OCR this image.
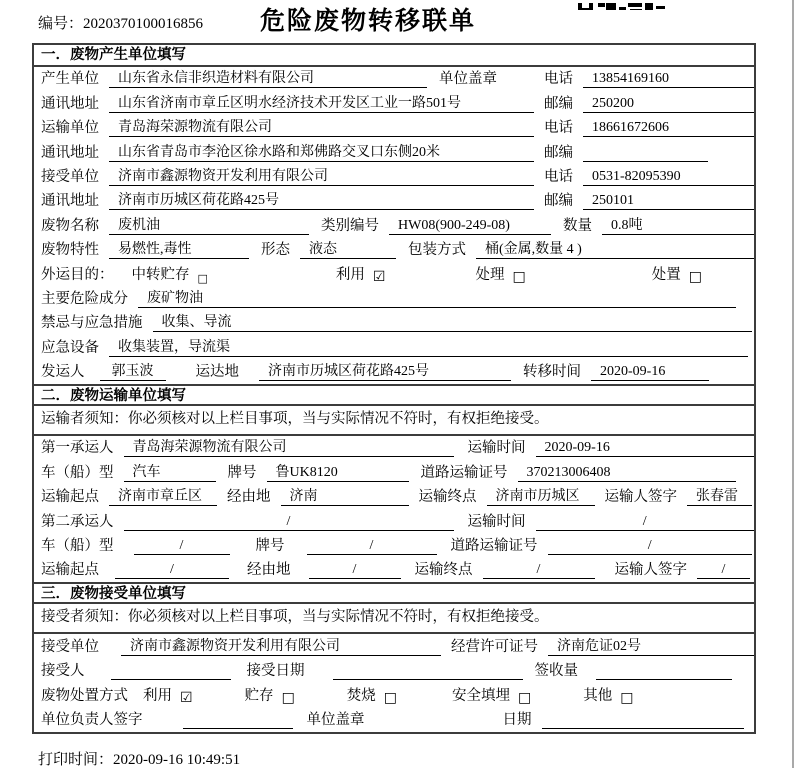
编号：2020370100016856	危险废物转移联单
一．废物产生单位填写
产生单位	山东省永信非织造材料有限公司	单位盖章	电话	13854169160
通讯地址	山东省济南市章丘区明水经济技术开发区工业一路501号	邮编	250200
运输单位	青岛海荣源物流有限公司	电话	18661672606
通讯地址	山东省青岛市李沧区徐水路和郑佛路交叉口东侧20米	邮编
接受单位	济南市鑫源物资开发利用有限公司	电话	0531-82095390
通讯地址	济南市历城区荷花路425号	邮编	250101
废物名称	废机油	类别编号	HW08(900-249-08)	数量	0.8吨
废物特性	易燃性,毒性	形态	液态	包装方式	桶(金属,数量 4 )
外运目的： 中转贮存 □	利用 ☑	处理 □	处置 □
主要危险成分	废矿物油
禁忌与应急措施	收集、导流
应急设备	收集装置，导流渠
发运人	郭玉波	运达地	济南市历城区荷花路425号	转移时间	2020-09-16
二．废物运输单位填写
运输者须知：你必须核对以上栏目事项，当与实际情况不符时，有权拒绝接受。
第一承运人	青岛海荣源物流有限公司	运输时间	2020-09-16
车（船）型	汽车	牌号	鲁UK8120	道路运输证号	370213006408
运输起点	济南市章丘区	经由地	济南	运输终点	济南市历城区	运输人签字	张春雷
第二承运人	/	运输时间	/
车（船）型	/	牌号	/	道路运输证号	/
运输起点	/	经由地	/	运输终点	/	运输人签字	/
三．废物接受单位填写
接受者须知：你必须核对以上栏目事项，当与实际情况不符时，有权拒绝接受。
接受单位	济南市鑫源物资开发利用有限公司	经营许可证号	济南危证02号
接受人	接受日期	签收量
废物处置方式 利用 ☑	贮存 □	焚烧 □	安全填埋 □	其他 □
单位负责人签字	单位盖章	日期
打印时间：2020-09-16 10:49:51
